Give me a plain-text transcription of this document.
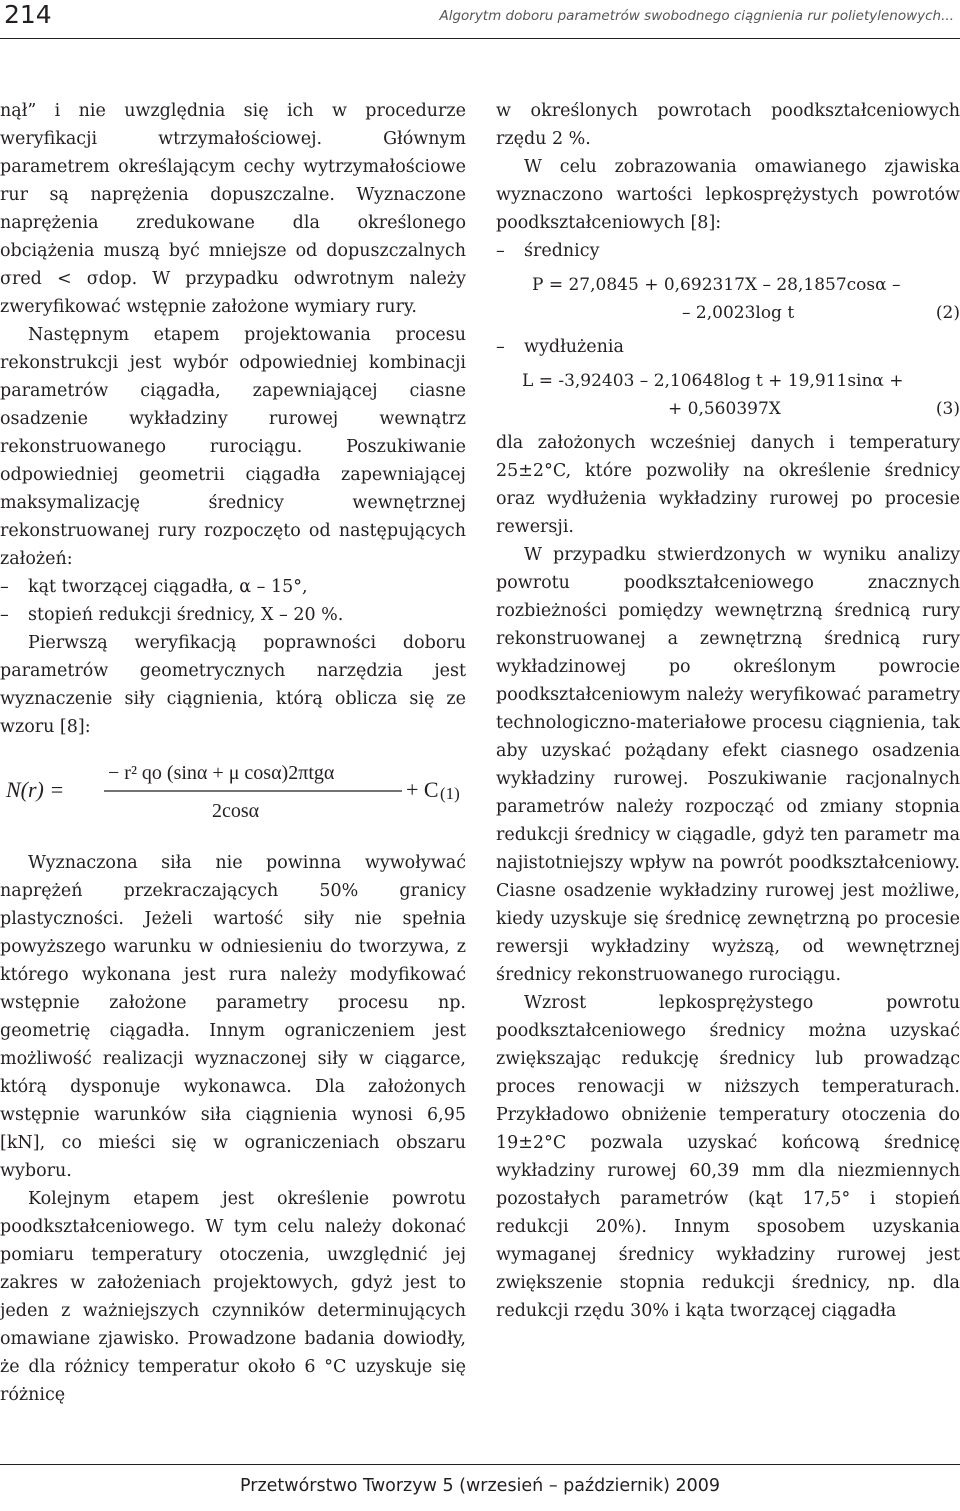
214	Algorytm doboru parametrów swobodnego ciągnienia rur polietylenowych...

nął” i nie uwzględnia się ich w procedurze weryfikacji wtrzymałościowej. Głównym parametrem określającym cechy wytrzymałościowe rur są naprężenia dopuszczalne. Wyznaczone naprężenia zredukowane dla określonego obciążenia muszą być mniejsze od dopuszczalnych σred < σdop. W przypadku odwrotnym należy zweryfikować wstępnie założone wymiary rury.

Następnym etapem projektowania procesu rekonstrukcji jest wybór odpowiedniej kombinacji parametrów ciągadła, zapewniającej ciasne osadzenie wykładziny rurowej wewnątrz rekonstruowanego rurociągu. Poszukiwanie odpowiedniej geometrii ciągadła zapewniającej maksymalizację średnicy wewnętrznej rekonstruowanej rury rozpoczęto od następujących założeń:

–	kąt tworzącej ciągadła, α – 15°,
–	stopień redukcji średnicy, X – 20 %.

Pierwszą weryfikacją poprawności doboru parametrów geometrycznych narzędzia jest wyznaczenie siły ciągnienia, którą oblicza się ze wzoru [8]:

N(r) =
− r² qo (sinα + μ cosα)2πtgα
2cosα
+ C (1)

Wyznaczona siła nie powinna wywoływać naprężeń przekraczających 50% granicy plastyczności. Jeżeli wartość siły nie spełnia powyższego warunku w odniesieniu do tworzywa, z którego wykonana jest rura należy modyfikować wstępnie założone parametry procesu np. geometrię ciągadła. Innym ograniczeniem jest możliwość realizacji wyznaczonej siły w ciągarce, którą dysponuje wykonawca. Dla założonych wstępnie warunków siła ciągnienia wynosi 6,95 [kN], co mieści się w ograniczeniach obszaru wyboru.

Kolejnym etapem jest określenie powrotu poodkształceniowego. W tym celu należy dokonać pomiaru temperatury otoczenia, uwzględnić jej zakres w założeniach projektowych, gdyż jest to jeden z ważniejszych czynników determinujących omawiane zjawisko. Prowadzone badania dowiodły, że dla różnicy temperatur około 6 °C uzyskuje się różnicę

w określonych powrotach poodkształceniowych rzędu 2 %.

W celu zobrazowania omawianego zjawiska wyznaczono wartości lepkosprężystych powrotów poodkształceniowych [8]:

–	średnicy
P = 27,0845 + 0,692317X – 28,1857cosα –
– 2,0023log t	(2)
–	wydłużenia
L = -3,92403 – 2,10648log t + 19,911sinα +
+ 0,560397X	(3)

dla założonych wcześniej danych i temperatury 25±2°C, które pozwoliły na określenie średnicy oraz wydłużenia wykładziny rurowej po procesie rewersji.

W przypadku stwierdzonych w wyniku analizy powrotu poodkształceniowego znacznych rozbieżności pomiędzy wewnętrzną średnicą rury rekonstruowanej a zewnętrzną średnicą rury wykładzinowej po określonym powrocie poodkształceniowym należy weryfikować parametry technologiczno-materiałowe procesu ciągnienia, tak aby uzyskać pożądany efekt ciasnego osadzenia wykładziny rurowej. Poszukiwanie racjonalnych parametrów należy rozpocząć od zmiany stopnia redukcji średnicy w ciągadle, gdyż ten parametr ma najistotniejszy wpływ na powrót poodkształceniowy. Ciasne osadzenie wykładziny rurowej jest możliwe, kiedy uzyskuje się średnicę zewnętrzną po procesie rewersji wykładziny wyższą, od wewnętrznej średnicy rekonstruowanego rurociągu.

Wzrost lepkosprężystego powrotu poodkształceniowego średnicy można uzyskać zwiększając redukcję średnicy lub prowadząc proces renowacji w niższych temperaturach. Przykładowo obniżenie temperatury otoczenia do 19±2°C pozwala uzyskać końcową średnicę wykładziny rurowej 60,39 mm dla niezmiennych pozostałych parametrów (kąt 17,5° i stopień redukcji 20%). Innym sposobem uzyskania wymaganej średnicy wykładziny rurowej jest zwiększenie stopnia redukcji średnicy, np. dla redukcji rzędu 30% i kąta tworzącej ciągadła

Przetwórstwo Tworzyw 5 (wrzesień – październik) 2009
